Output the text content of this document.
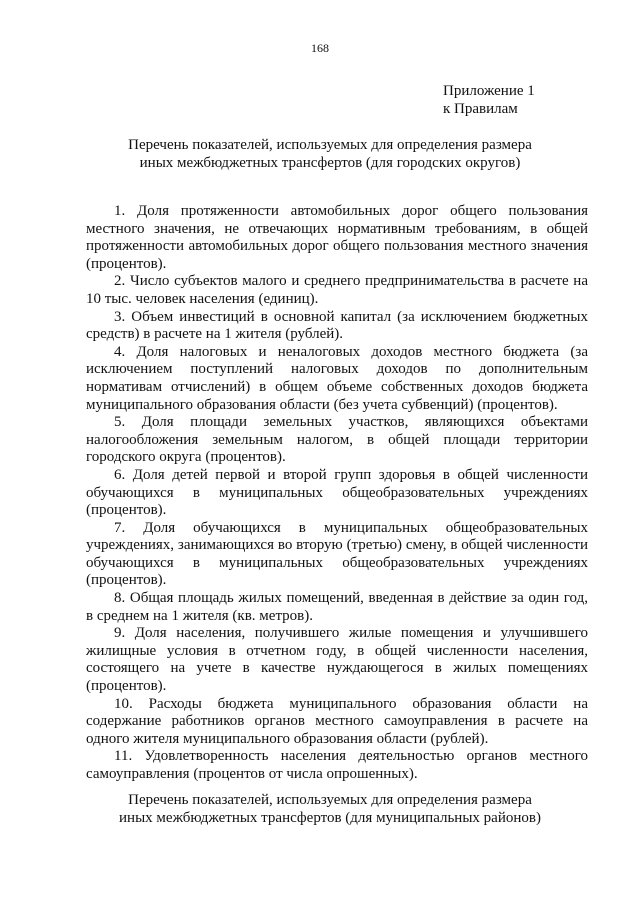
168
Приложение 1
к Правилам
Перечень показателей, используемых для определения размера
иных межбюджетных трансфертов (для городских округов)
1. Доля протяженности автомобильных дорог общего пользования местного значения, не отвечающих нормативным требованиям, в общей протяженности автомобильных дорог общего пользования местного значения (процентов).
2. Число субъектов малого и среднего предпринимательства в расчете на 10 тыс. человек населения (единиц).
3. Объем инвестиций в основной капитал (за исключением бюджетных средств) в расчете на 1 жителя (рублей).
4. Доля налоговых и неналоговых доходов местного бюджета (за исключением поступлений налоговых доходов по дополнительным нормативам отчислений) в общем объеме собственных доходов бюджета муниципального образования области (без учета субвенций) (процентов).
5. Доля площади земельных участков, являющихся объектами налогообложения земельным налогом, в общей площади территории городского округа (процентов).
6. Доля детей первой и второй групп здоровья в общей численности обучающихся в муниципальных общеобразовательных учреждениях (процентов).
7. Доля обучающихся в муниципальных общеобразовательных учреждениях, занимающихся во вторую (третью) смену, в общей численности обучающихся в муниципальных общеобразовательных учреждениях (процентов).
8. Общая площадь жилых помещений, введенная в действие за один год, в среднем на 1 жителя (кв. метров).
9. Доля населения, получившего жилые помещения и улучшившего жилищные условия в отчетном году, в общей численности населения, состоящего на учете в качестве нуждающегося в жилых помещениях (процентов).
10. Расходы бюджета муниципального образования области на содержание работников органов местного самоуправления в расчете на одного жителя муниципального образования области (рублей).
11. Удовлетворенность населения деятельностью органов местного самоуправления (процентов от числа опрошенных).
Перечень показателей, используемых для определения размера
иных межбюджетных трансфертов (для муниципальных районов)
